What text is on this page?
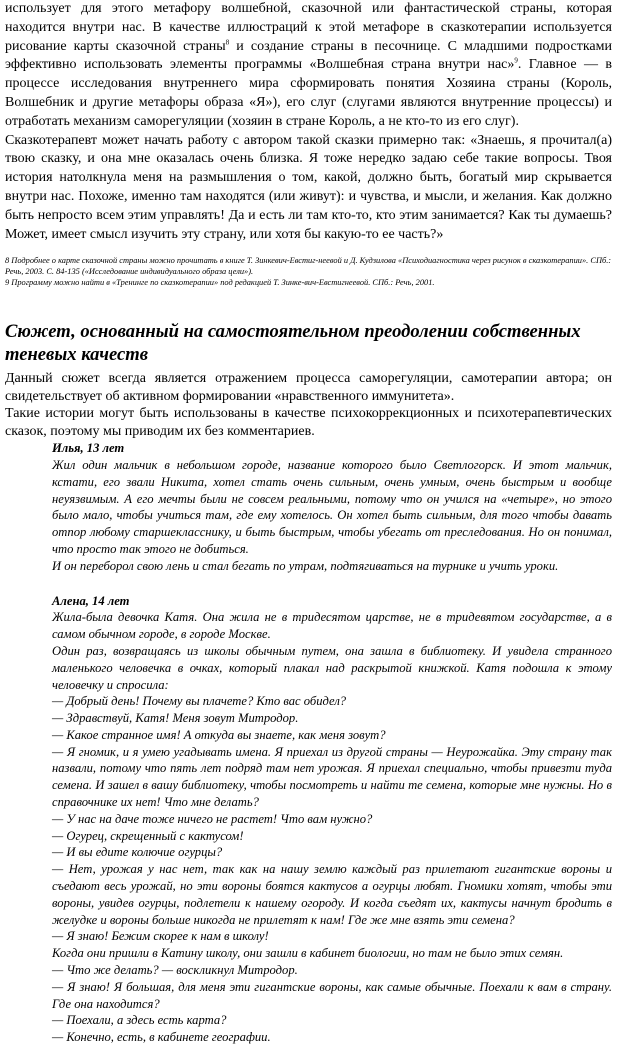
использует для этого метафору волшебной, сказочной или фантастической страны, которая находится внутри нас. В качестве иллюстраций к этой метафоре в сказкотерапии используется рисование карты сказочной страны$^8$ и создание страны в песочнице. С младшими подростками эффективно использовать элементы программы «Волшебная страна внутри нас»$^9$. Главное — в процессе исследования внутреннего мира сформировать понятия Хозяина страны (Король, Волшебник и другие метафоры образа «Я»), его слуг (слугами являются внутренние процессы) и отработать механизм саморегуляции (хозяин в стране Король, а не кто-то из его слуг).

Сказкотерапевт может начать работу с автором такой сказки примерно так: «Знаешь, я прочитал(а) твою сказку, и она мне оказалась очень близка. Я тоже нередко задаю себе такие вопросы. Твоя история натолкнула меня на размышления о том, какой, должно быть, богатый мир скрывается внутри нас. Похоже, именно там находятся (или живут): и чувства, и мысли, и желания. Как должно быть непросто всем этим управлять! Да и есть ли там кто-то, кто этим занимается? Как ты думаешь? Может, имеет смысл изучить эту страну, или хотя бы какую-то ее часть?»

8 Подробнее о карте сказочной страны можно прочитать в книге Т. Зинкевич-Евстиг-неевой и Д. Кудзилова «Психодиагностика через рисунок в сказкотерапии». СПб.: Речь, 2003. С. 84-135 («Исследование индивидуального образа цели»).

9 Программу можно найти в «Тренинге по сказкотерапии» под редакцией Т. Зинке-вич-Евстигнеевой. СПб.: Речь, 2001.

Сюжет, основанный на самостоятельном преодолении собственных теневых качеств

Данный сюжет всегда является отражением процесса саморегуляции, самотерапии автора; он свидетельствует об активном формировании «нравственного иммунитета».

Такие истории могут быть использованы в качестве психокоррекционных и психотерапевтических сказок, поэтому мы приводим их без комментариев.

Илья, 13 лет

Жил один мальчик в небольшом городе, название которого было Светлогорск. И этот мальчик, кстати, его звали Никита, хотел стать очень сильным, очень умным, очень быстрым и вообще неуязвимым. А его мечты были не совсем реальными, потому что он учился на «четыре», но этого было мало, чтобы учиться там, где ему хотелось. Он хотел быть сильным, для того чтобы давать отпор любому старшекласснику, и быть быстрым, чтобы убегать от преследования. Но он понимал, что просто так этого не добиться.

И он переборол свою лень и стал бегать по утрам, подтягиваться на турнике и учить уроки.

Алена, 14 лет

Жила-была девочка Катя. Она жила не в тридесятом царстве, не в тридевятом государстве, а в самом обычном городе, в городе Москве.

Один раз, возвращаясь из школы обычным путем, она зашла в библиотеку. И увидела странного маленького человечка в очках, который плакал над раскрытой книжкой. Катя подошла к этому человечку и спросила:

— Добрый день! Почему вы плачете? Кто вас обидел?

— Здравствуй, Катя! Меня зовут Митродор.

— Какое странное имя! А откуда вы знаете, как меня зовут?

— Я гномик, и я умею угадывать имена. Я приехал из другой страны — Неурожайка. Эту страну так назвали, потому что пять лет подряд там нет урожая. Я приехал специально, чтобы привезти туда семена. И зашел в вашу библиотеку, чтобы посмотреть и найти те семена, которые мне нужны. Но в справочнике их нет! Что мне делать?

— У нас на даче тоже ничего не растет! Что вам нужно?

— Огурец, скрещенный с кактусом!

— И вы едите колючие огурцы?

— Нет, урожая у нас нет, так как на нашу землю каждый раз прилетают гигантские вороны и съедают весь урожай, но эти вороны боятся кактусов а огурцы любят. Гномики хотят, чтобы эти вороны, увидев огурцы, подлетели к нашему огороду. И когда съедят их, кактусы начнут бродить в желудке и вороны больше никогда не прилетят к нам! Где же мне взять эти семена?

— Я знаю! Бежим скорее к нам в школу!

Когда они пришли в Катину школу, они зашли в кабинет биологии, но там не было этих семян.

— Что же делать? — воскликнул Митродор.

— Я знаю! Я большая, для меня эти гигантские вороны, как самые обычные. Поехали к вам в страну. Где она находится?

— Поехали, а здесь есть карта?

— Конечно, есть, в кабинете географии.
